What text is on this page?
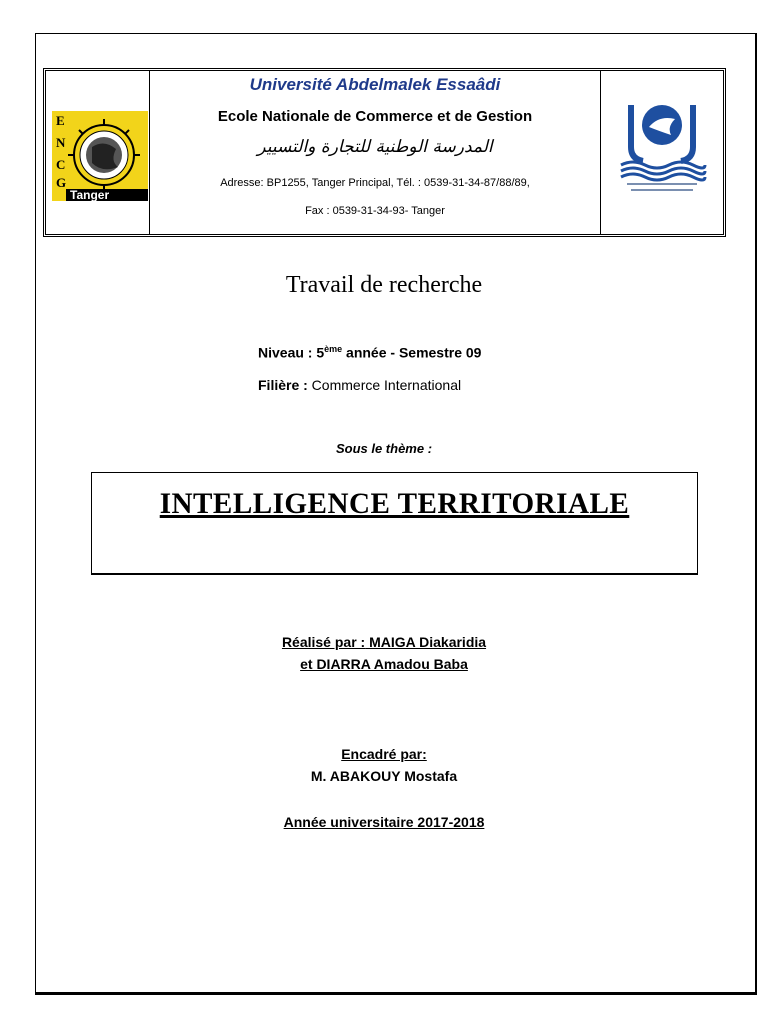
E
N
C
G
Tanger
Université Abdelmalek Essaâdi
Ecole Nationale de Commerce et de Gestion
المدرسة الوطنية للتجارة والتسيير
Adresse: BP1255, Tanger Principal, Tél. : 0539-31-34-87/88/89,
Fax : 0539-31-34-93- Tanger
Travail de recherche
Niveau : 5ème année - Semestre 09
Filière : Commerce International
Sous le thème :
INTELLIGENCE TERRITORIALE
Réalisé par : MAIGA Diakaridia
et DIARRA Amadou Baba
Encadré par:
M. ABAKOUY Mostafa
Année universitaire 2017-2018
